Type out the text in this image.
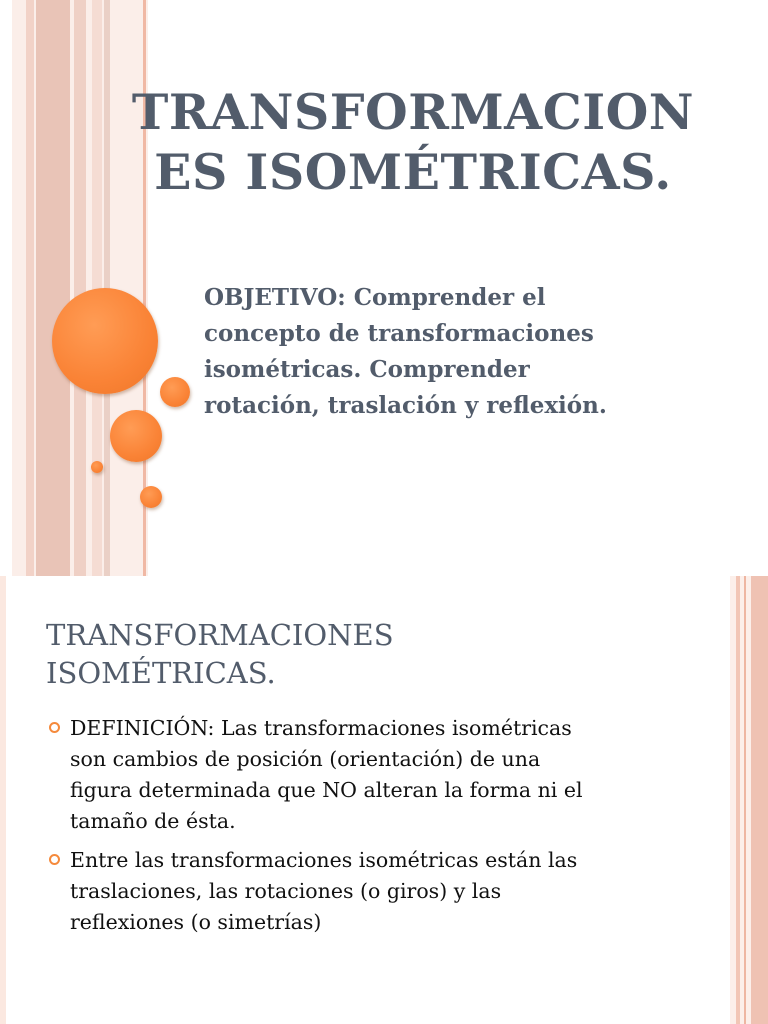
TRANSFORMACION
ES ISOMÉTRICAS.

OBJETIVO: Comprender el
concepto de transformaciones
isométricas. Comprender
rotación, traslación y reflexión.

TRANSFORMACIONES
ISOMÉTRICAS.
DEFINICIÓN: Las transformaciones isométricas
son cambios de posición (orientación) de una
figura determinada que NO alteran la forma ni el
tamaño de ésta.
Entre las transformaciones isométricas están las
traslaciones, las rotaciones (o giros) y las
reflexiones (o simetrías)
